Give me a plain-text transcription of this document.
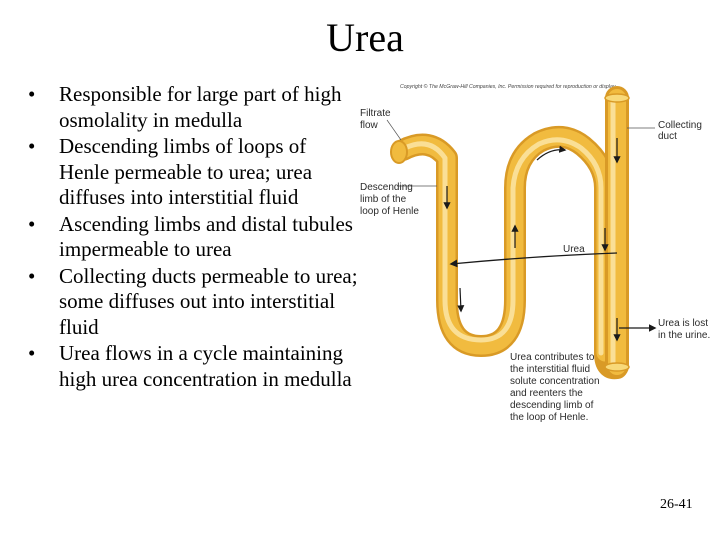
Urea
• Responsible for large part of high osmolality in medulla
• Descending limbs of loops of Henle permeable to urea; urea diffuses into interstitial fluid
• Ascending limbs and distal tubules impermeable to urea
• Collecting ducts permeable to urea; some diffuses out into interstitial fluid
• Urea flows in a cycle maintaining high urea concentration in medulla
Copyright © The McGraw-Hill Companies, Inc. Permission required for reproduction or display.
Filtrate flow
Descending limb of the loop of Henle
Collecting duct
Urea
Urea is lost in the urine.
Urea contributes to the interstitial fluid solute concentration and reenters the descending limb of the loop of Henle.
26-41
